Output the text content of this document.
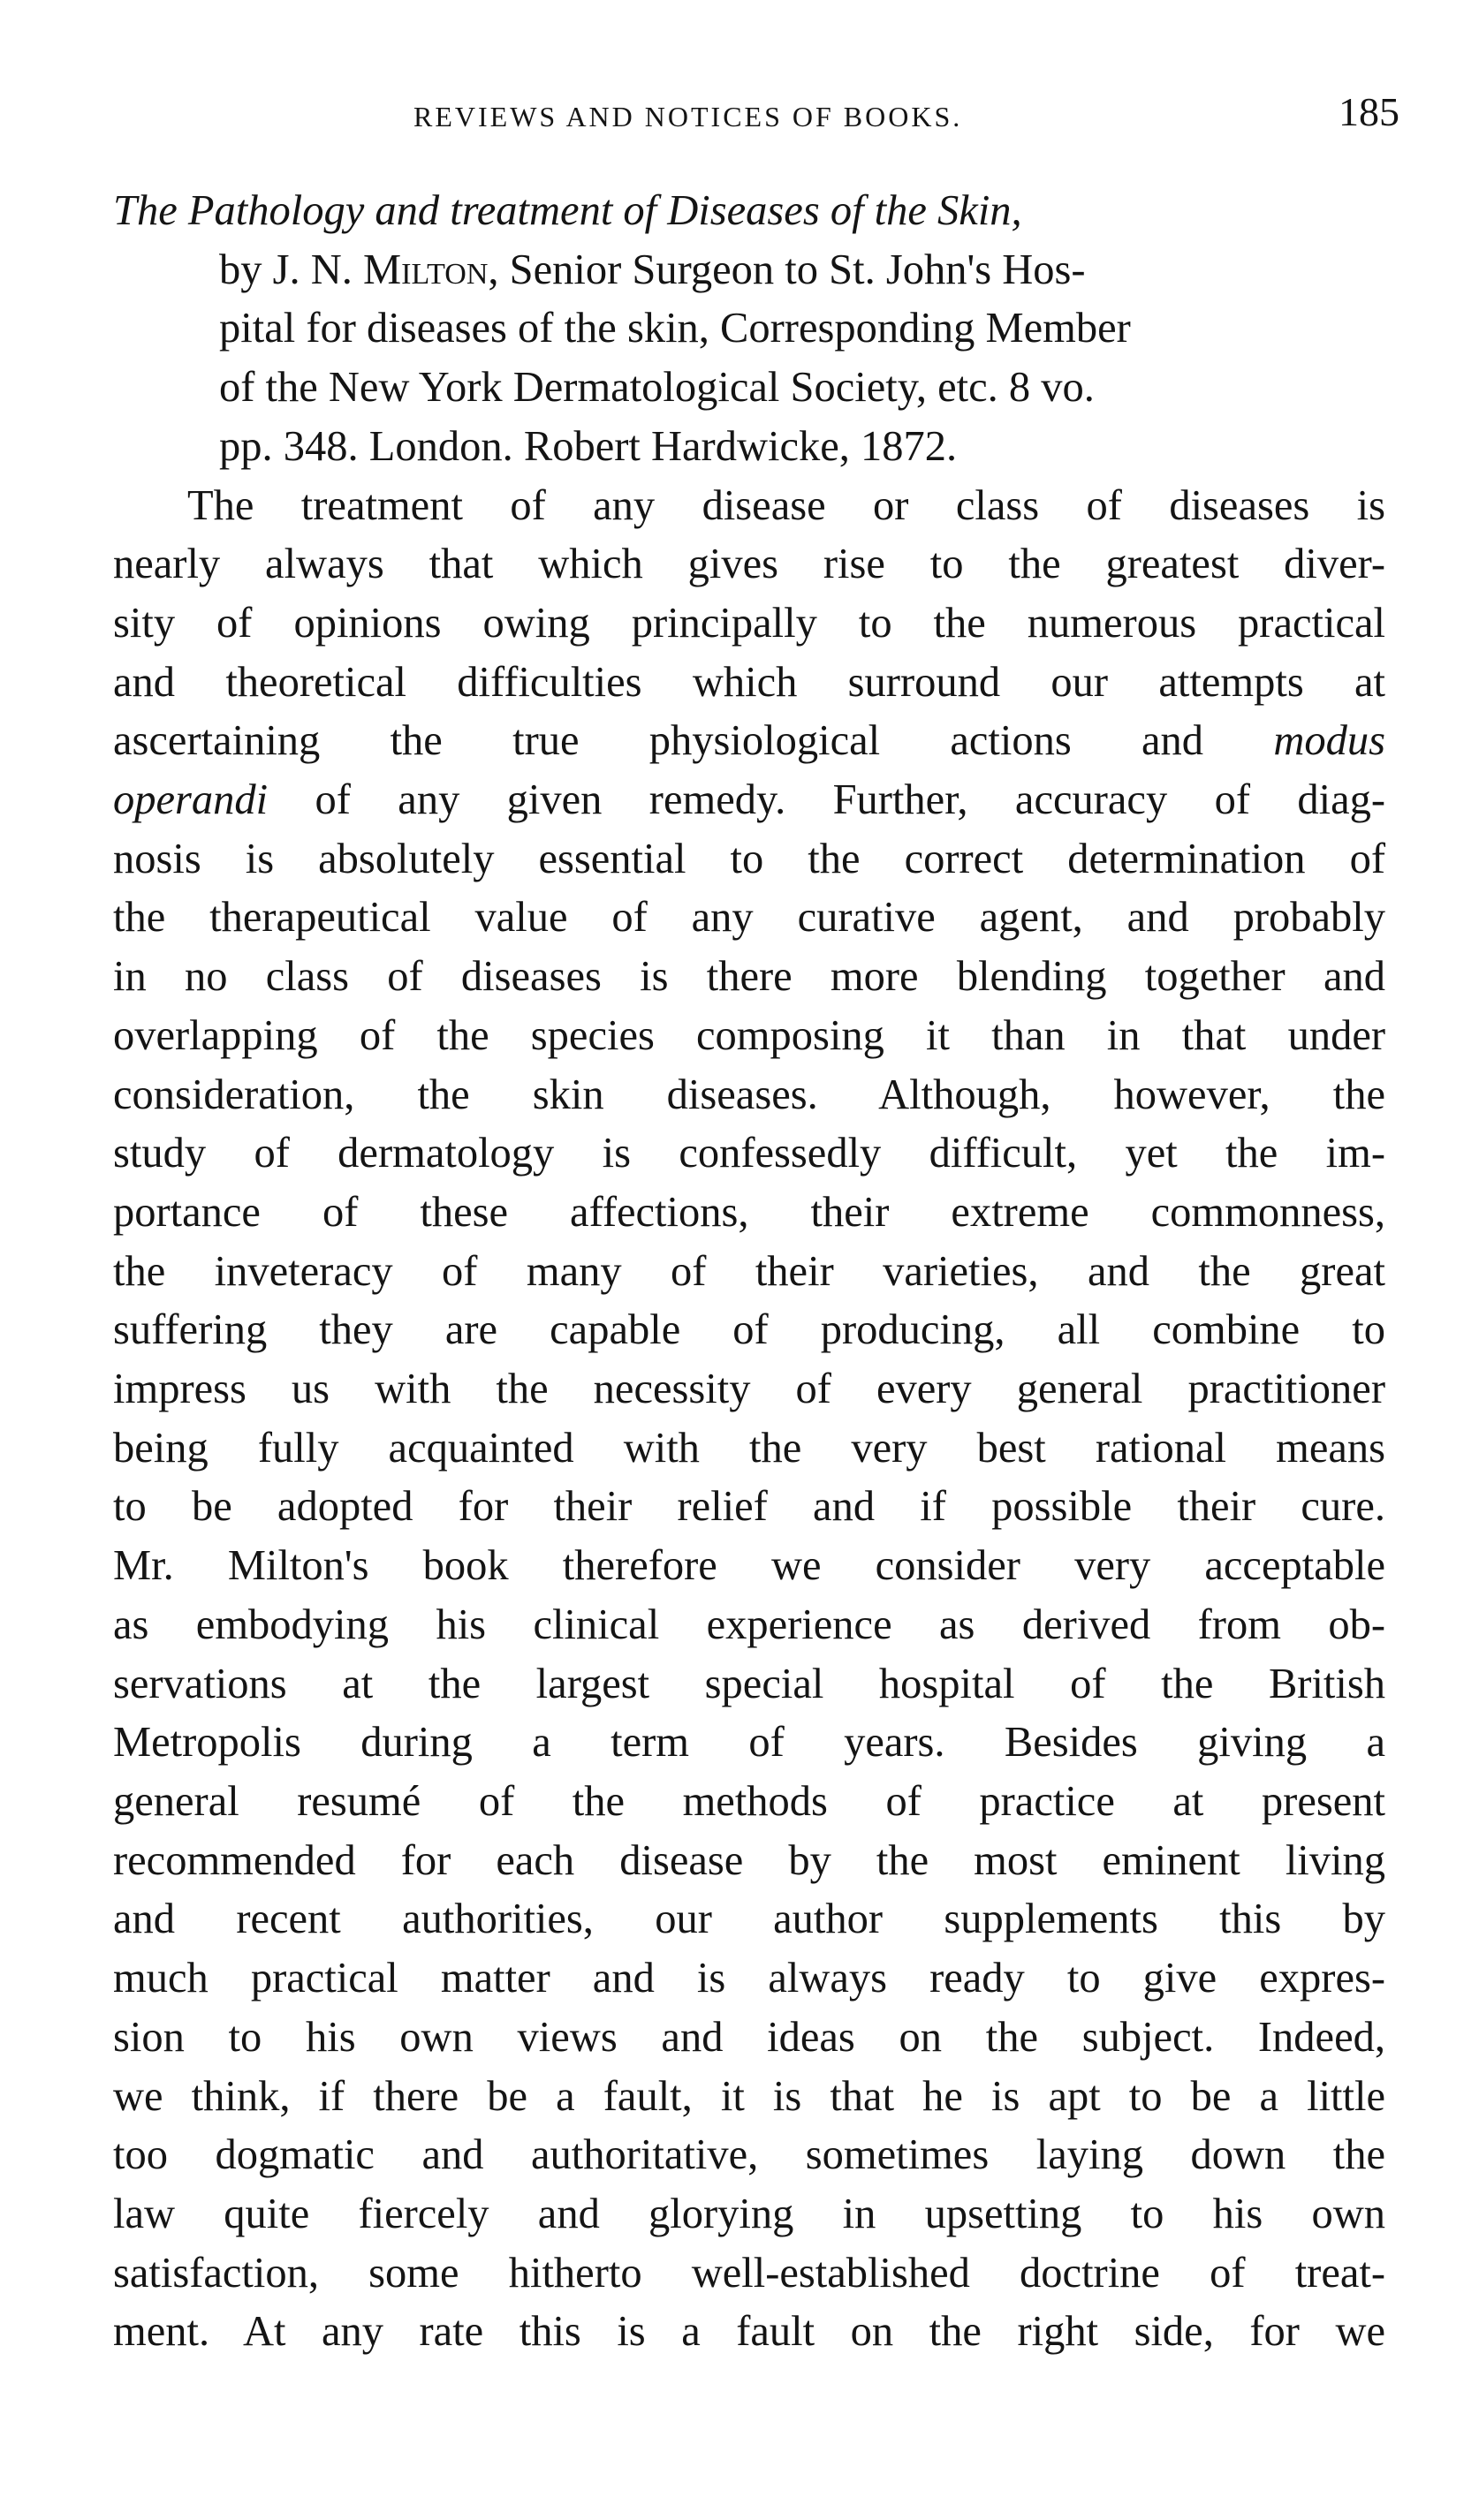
REVIEWS AND NOTICES OF BOOKS.	185

The Pathology and treatment of Diseases of the Skin,

by J. N. Milton, Senior Surgeon to St. John's Hos-

pital for diseases of the skin, Corresponding Member

of the New York Dermatological Society, etc. 8 vo.

pp. 348. London. Robert Hardwicke, 1872.

The treatment of any disease or class of diseases is
nearly always that which gives rise to the greatest diver-
sity of opinions owing principally to the numerous practical
and theoretical difficulties which surround our attempts at
ascertaining the true physiological actions and modus
operandi of any given remedy. Further, accuracy of diag-
nosis is absolutely essential to the correct determination of
the therapeutical value of any curative agent, and probably
in no class of diseases is there more blending together and
overlapping of the species composing it than in that under
consideration, the skin diseases. Although, however, the
study of dermatology is confessedly difficult, yet the im-
portance of these affections, their extreme commonness,
the inveteracy of many of their varieties, and the great
suffering they are capable of producing, all combine to
impress us with the necessity of every general practitioner
being fully acquainted with the very best rational means
to be adopted for their relief and if possible their cure.
Mr. Milton's book therefore we consider very acceptable
as embodying his clinical experience as derived from ob-
servations at the largest special hospital of the British
Metropolis during a term of years. Besides giving a
general resumé of the methods of practice at present
recommended for each disease by the most eminent living
and recent authorities, our author supplements this by
much practical matter and is always ready to give expres-
sion to his own views and ideas on the subject. Indeed,
we think, if there be a fault, it is that he is apt to be a little
too dogmatic and authoritative, sometimes laying down the
law quite fiercely and glorying in upsetting to his own
satisfaction, some hitherto well-established doctrine of treat-
ment. At any rate this is a fault on the right side, for we
